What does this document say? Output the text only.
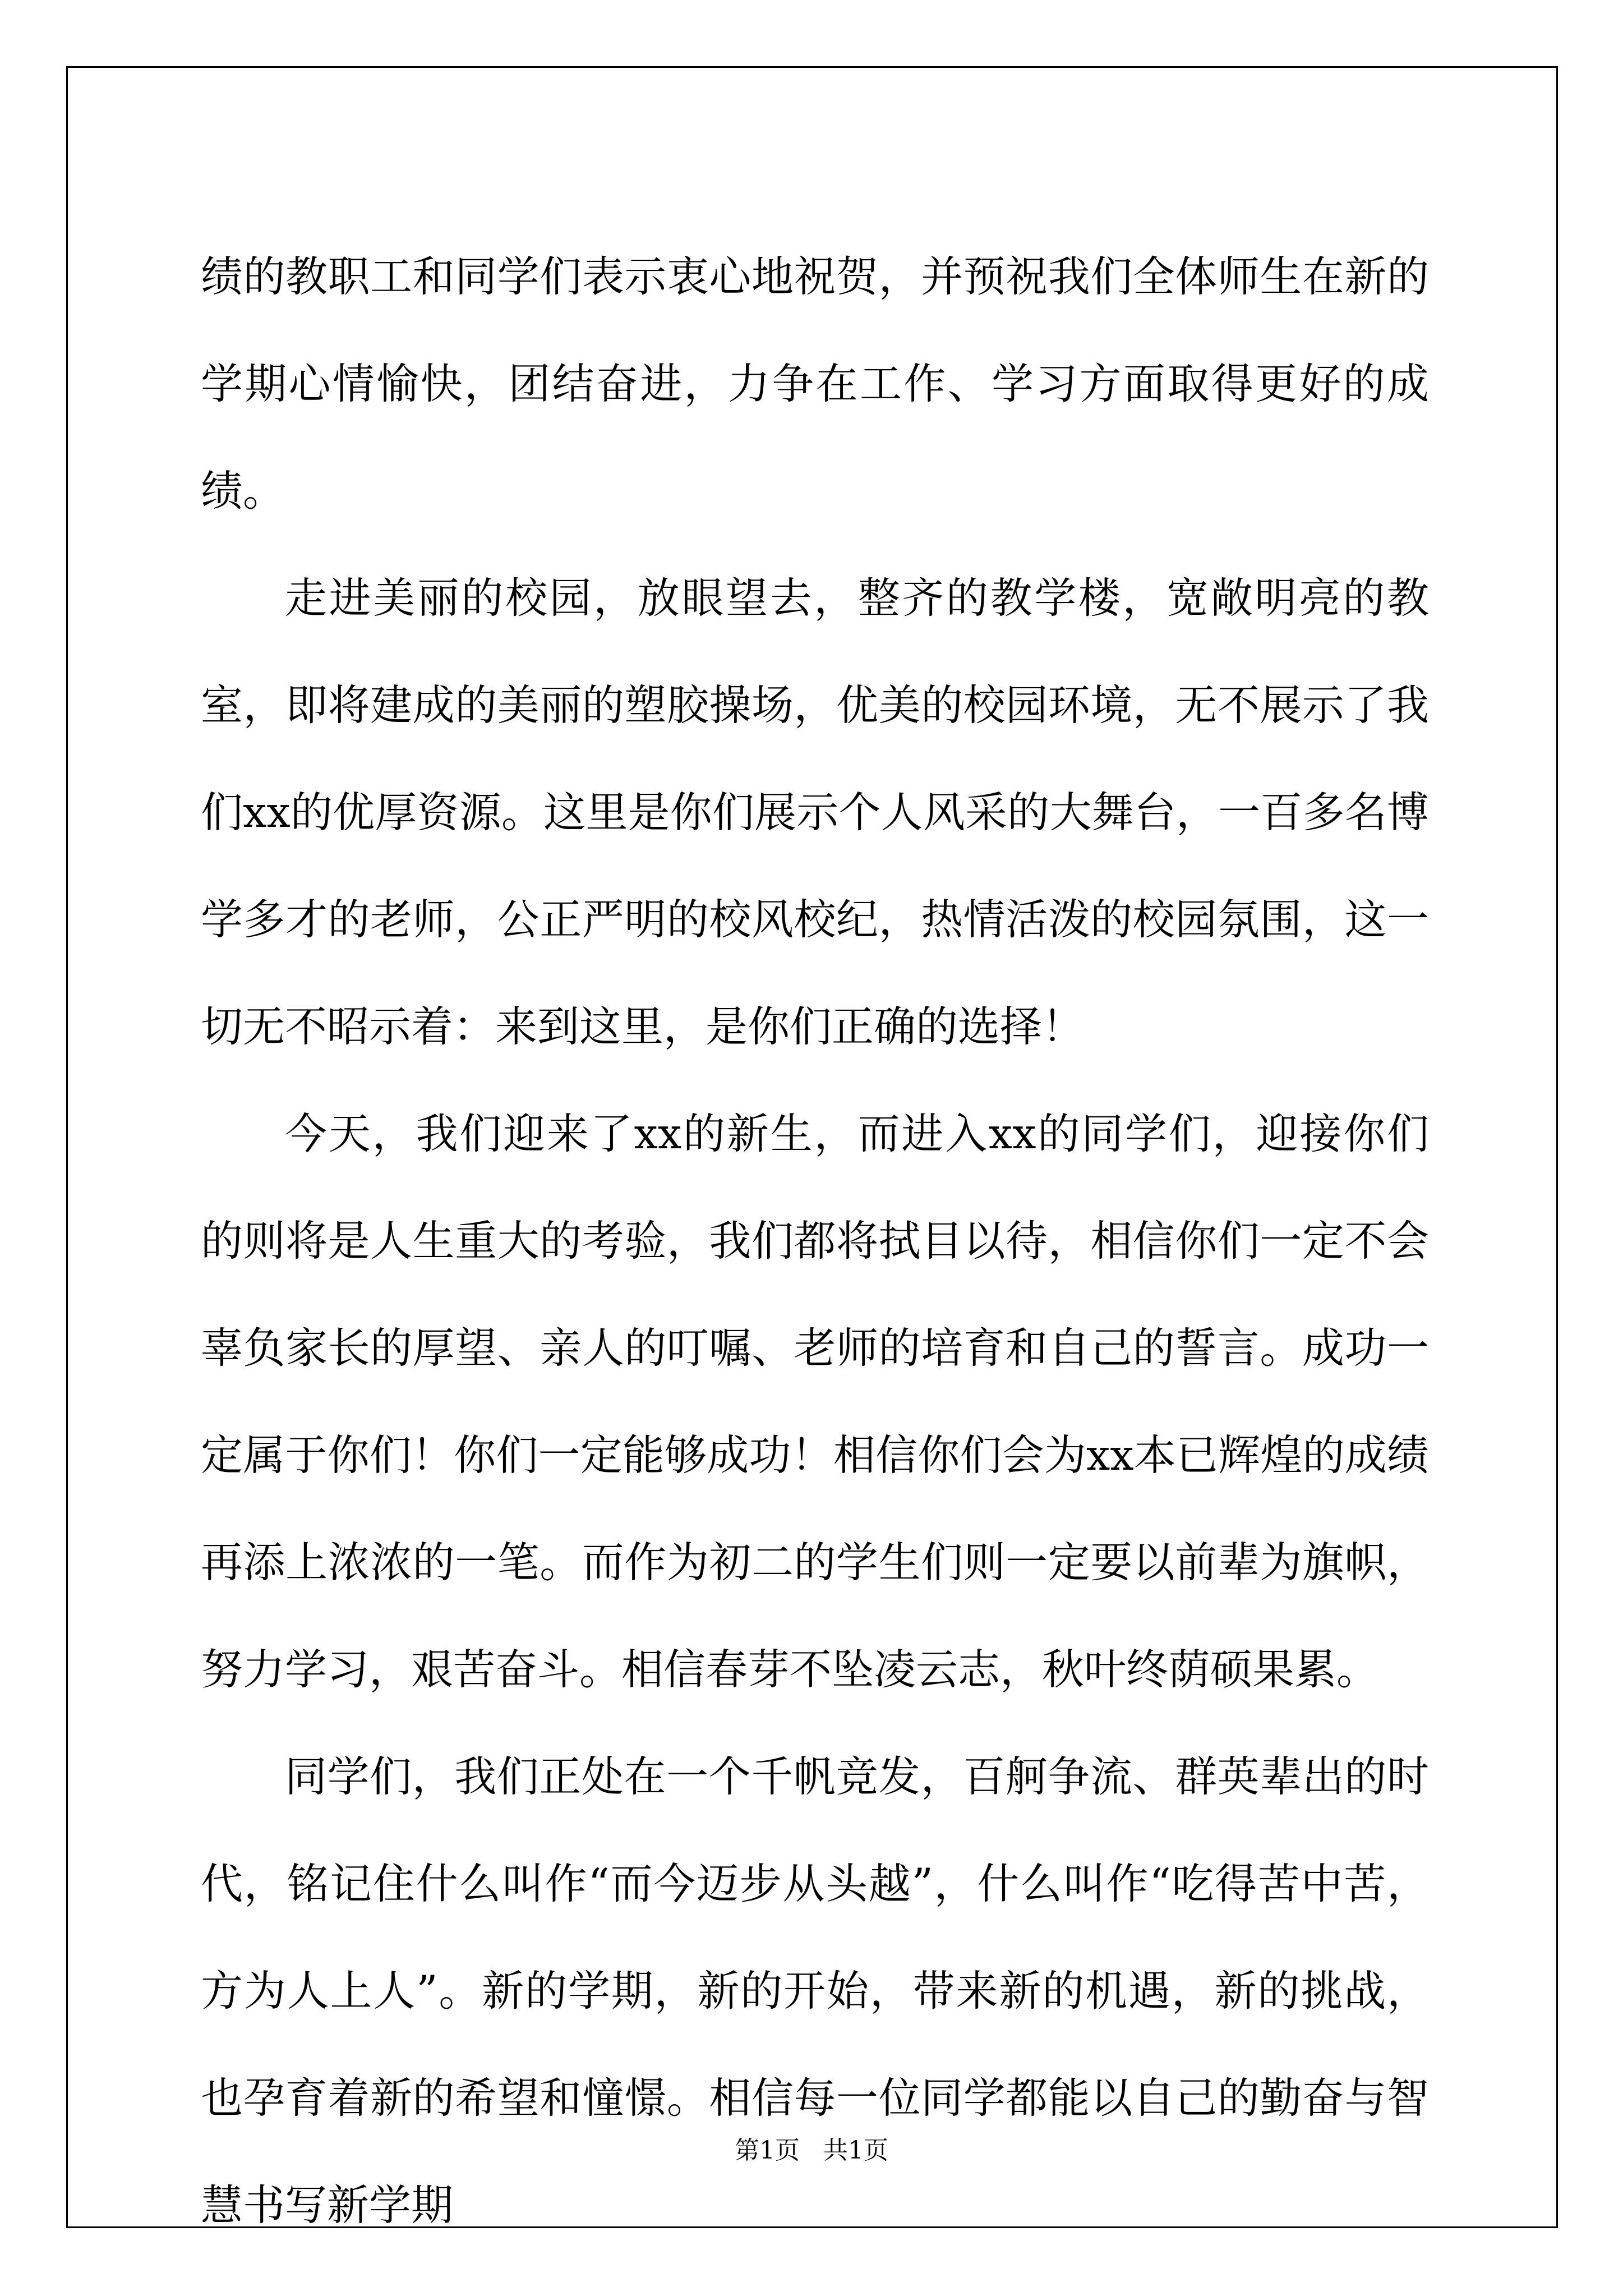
绩的教职工和同学们表示衷心地祝贺，并预祝我们全体师生在新的学期心情愉快，团结奋进，力争在工作、学习方面取得更好的成绩。

走进美丽的校园，放眼望去，整齐的教学楼，宽敞明亮的教室，即将建成的美丽的塑胶操场，优美的校园环境，无不展示了我们xx的优厚资源。这里是你们展示个人风采的大舞台，一百多名博学多才的老师，公正严明的校风校纪，热情活泼的校园氛围，这一切无不昭示着：来到这里，是你们正确的选择！

今天，我们迎来了xx的新生，而进入xx的同学们，迎接你们的则将是人生重大的考验，我们都将拭目以待，相信你们一定不会辜负家长的厚望、亲人的叮嘱、老师的培育和自己的誓言。成功一定属于你们！你们一定能够成功！相信你们会为xx本已辉煌的成绩再添上浓浓的一笔。而作为初二的学生们则一定要以前辈为旗帜，努力学习，艰苦奋斗。相信春芽不坠凌云志，秋叶终荫硕果累。

同学们，我们正处在一个千帆竞发，百舸争流、群英辈出的时代，铭记住什么叫作“而今迈步从头越”，什么叫作“吃得苦中苦，方为人上人”。新的学期，新的开始，带来新的机遇，新的挑战，也孕育着新的希望和憧憬。相信每一位同学都能以自己的勤奋与智慧书写新学期

第1页 共1页
